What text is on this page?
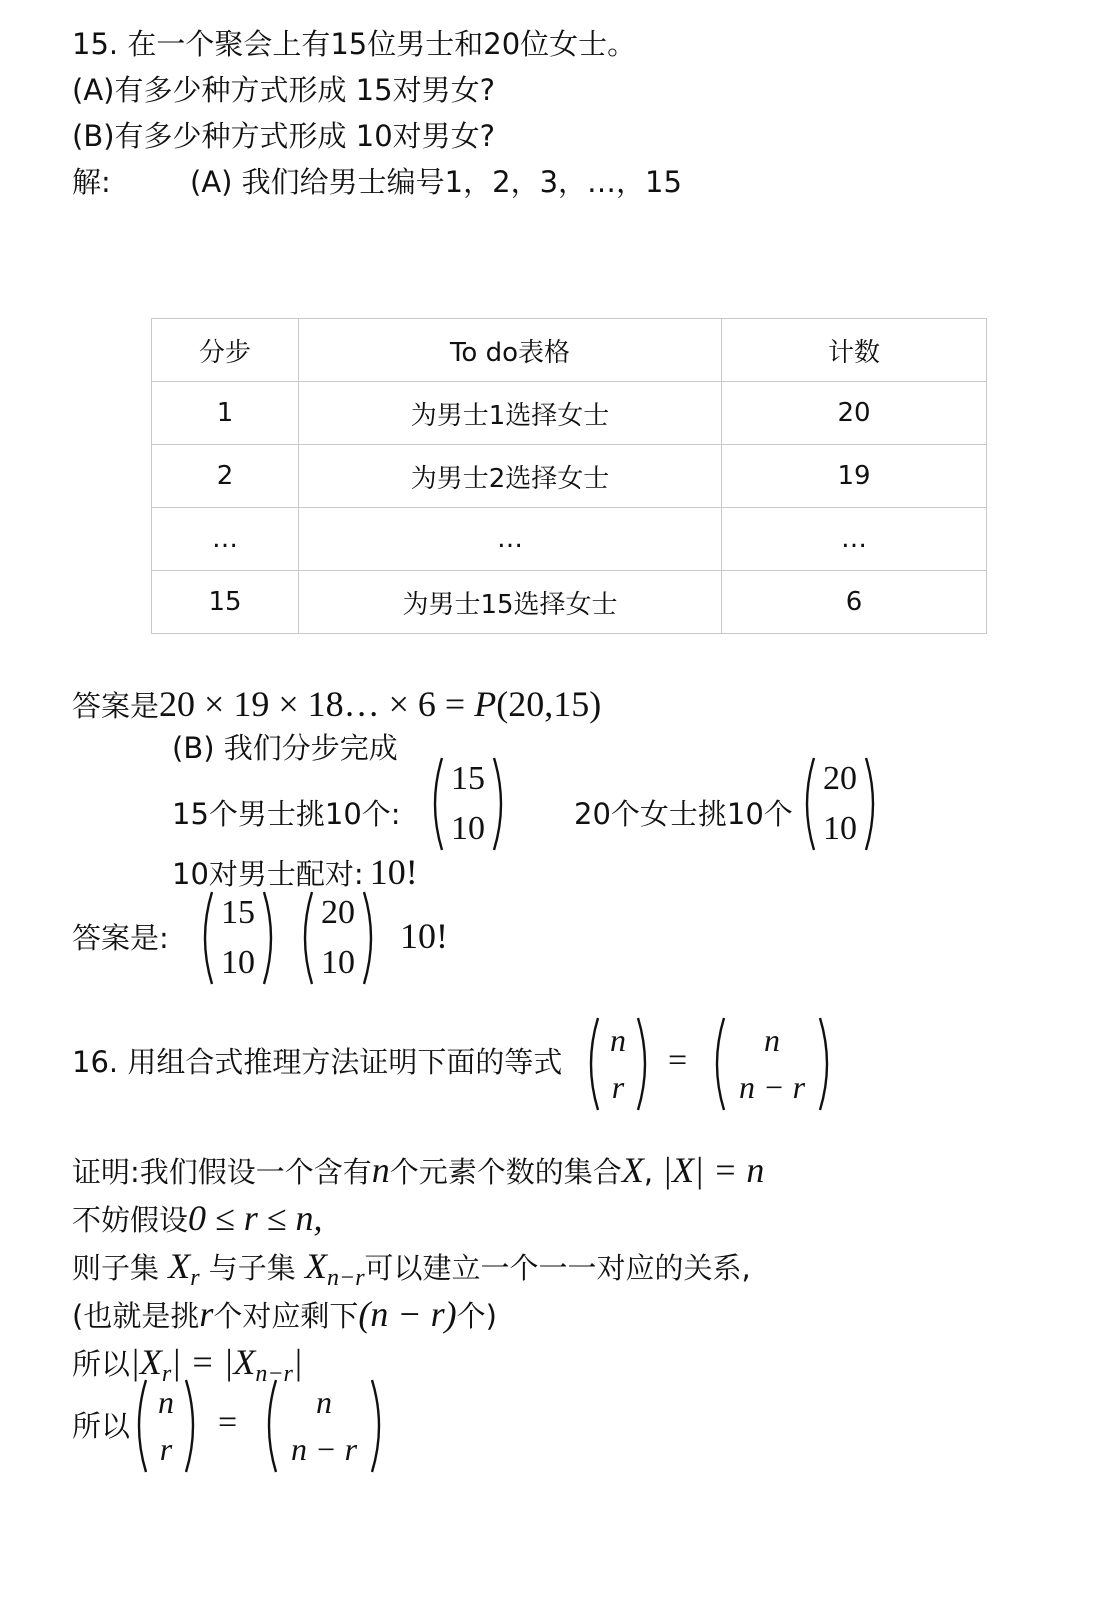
15. 在一个聚会上有15位男士和20位女士。
(A)有多少种方式形成 15对男女?
(B)有多少种方式形成 10对男女?
解:	(A) 我们给男士编号1，2，3，…，15
分步	To do表格	计数
1	为男士1选择女士	20
2	为男士2选择女士	19
…	…	…
15	为男士15选择女士	6
答案是20 × 19 × 18… × 6 = P(20,15)
(B) 我们分步完成
15个男士挑10个:
15
10	20个女士挑10个
20
10
10对男士配对: 10!
答案是:
15
10
20
10
10!
16. 用组合式推理方法证明下面的等式
n
r
=
n
n − r
证明:我们假设一个含有n个元素个数的集合X, |X| = n
不妨假设0 ≤ r ≤ n,
则子集 $X_r$ 与子集 $X_{n-r}$可以建立一个一一对应的关系,
(也就是挑r个对应剩下(n − r)个)
所以$|X_r| = |X_{n-r}|$
所以
n
r
=
n
n − r
